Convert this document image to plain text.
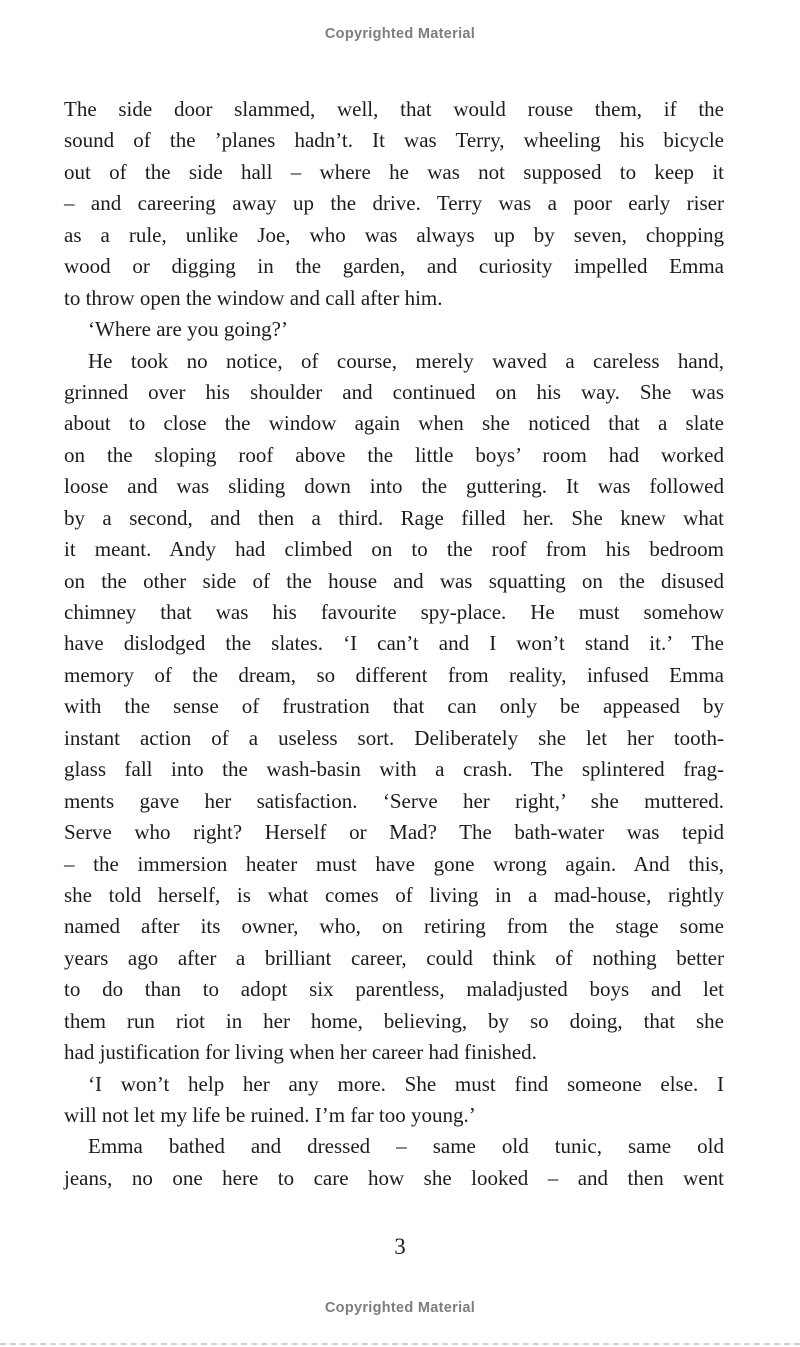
Copyrighted Material
The side door slammed, well, that would rouse them, if the
sound of the ’planes hadn’t. It was Terry, wheeling his bicycle
out of the side hall – where he was not supposed to keep it
– and careering away up the drive. Terry was a poor early riser
as a rule, unlike Joe, who was always up by seven, chopping
wood or digging in the garden, and curiosity impelled Emma
to throw open the window and call after him.
‘Where are you going?’
He took no notice, of course, merely waved a careless hand,
grinned over his shoulder and continued on his way. She was
about to close the window again when she noticed that a slate
on the sloping roof above the little boys’ room had worked
loose and was sliding down into the guttering. It was followed
by a second, and then a third. Rage filled her. She knew what
it meant. Andy had climbed on to the roof from his bedroom
on the other side of the house and was squatting on the disused
chimney that was his favourite spy-place. He must somehow
have dislodged the slates. ‘I can’t and I won’t stand it.’ The
memory of the dream, so different from reality, infused Emma
with the sense of frustration that can only be appeased by
instant action of a useless sort. Deliberately she let her tooth-
glass fall into the wash-basin with a crash. The splintered frag-
ments gave her satisfaction. ‘Serve her right,’ she muttered.
Serve who right? Herself or Mad? The bath-water was tepid
– the immersion heater must have gone wrong again. And this,
she told herself, is what comes of living in a mad-house, rightly
named after its owner, who, on retiring from the stage some
years ago after a brilliant career, could think of nothing better
to do than to adopt six parentless, maladjusted boys and let
them run riot in her home, believing, by so doing, that she
had justification for living when her career had finished.
‘I won’t help her any more. She must find someone else. I
will not let my life be ruined. I’m far too young.’
Emma bathed and dressed – same old tunic, same old
jeans, no one here to care how she looked – and then went
3
Copyrighted Material
